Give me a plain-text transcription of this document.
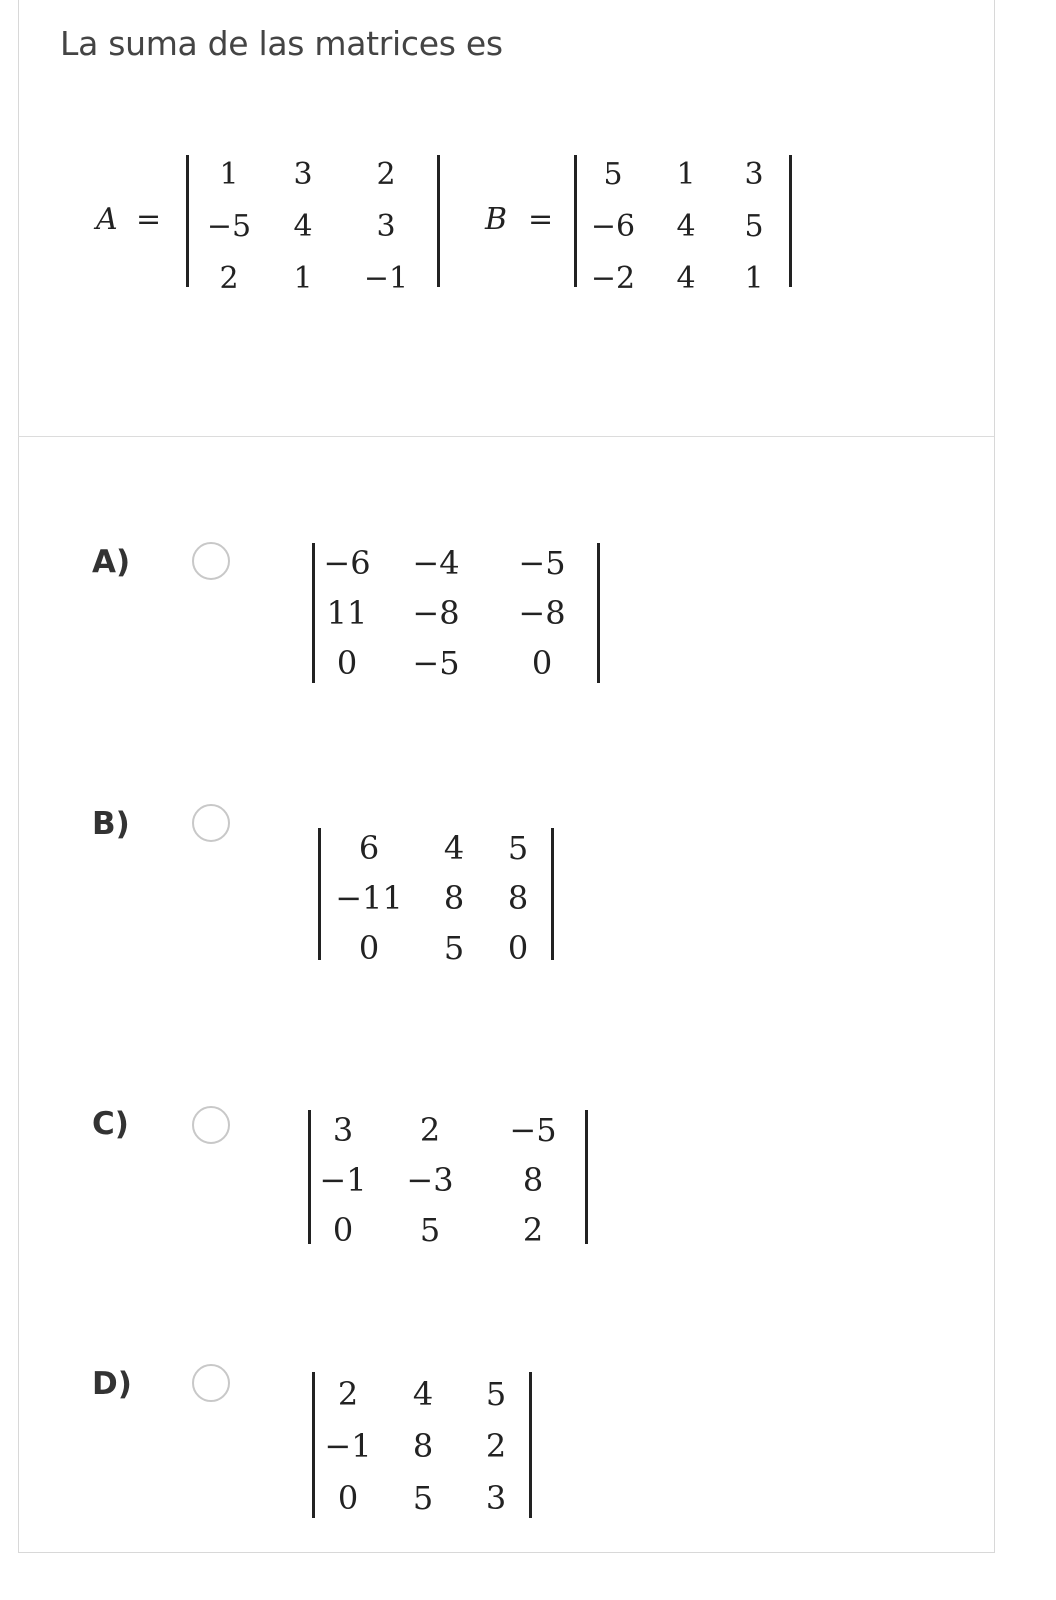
La suma de las matrices es
A =
1	3	2
−5	4	3
2	1	−1
B =
5	1	3
−6	4	5
−2	4	1
A)	−6	−4	−5
11	−8	−8
0	−5	0
B)
6	4	5
−11	8	8
0	5	0
C)	3	2	−5
−1	−3	8
0	5	2
D)	2	4	5
−1	8	2
0	5	3
